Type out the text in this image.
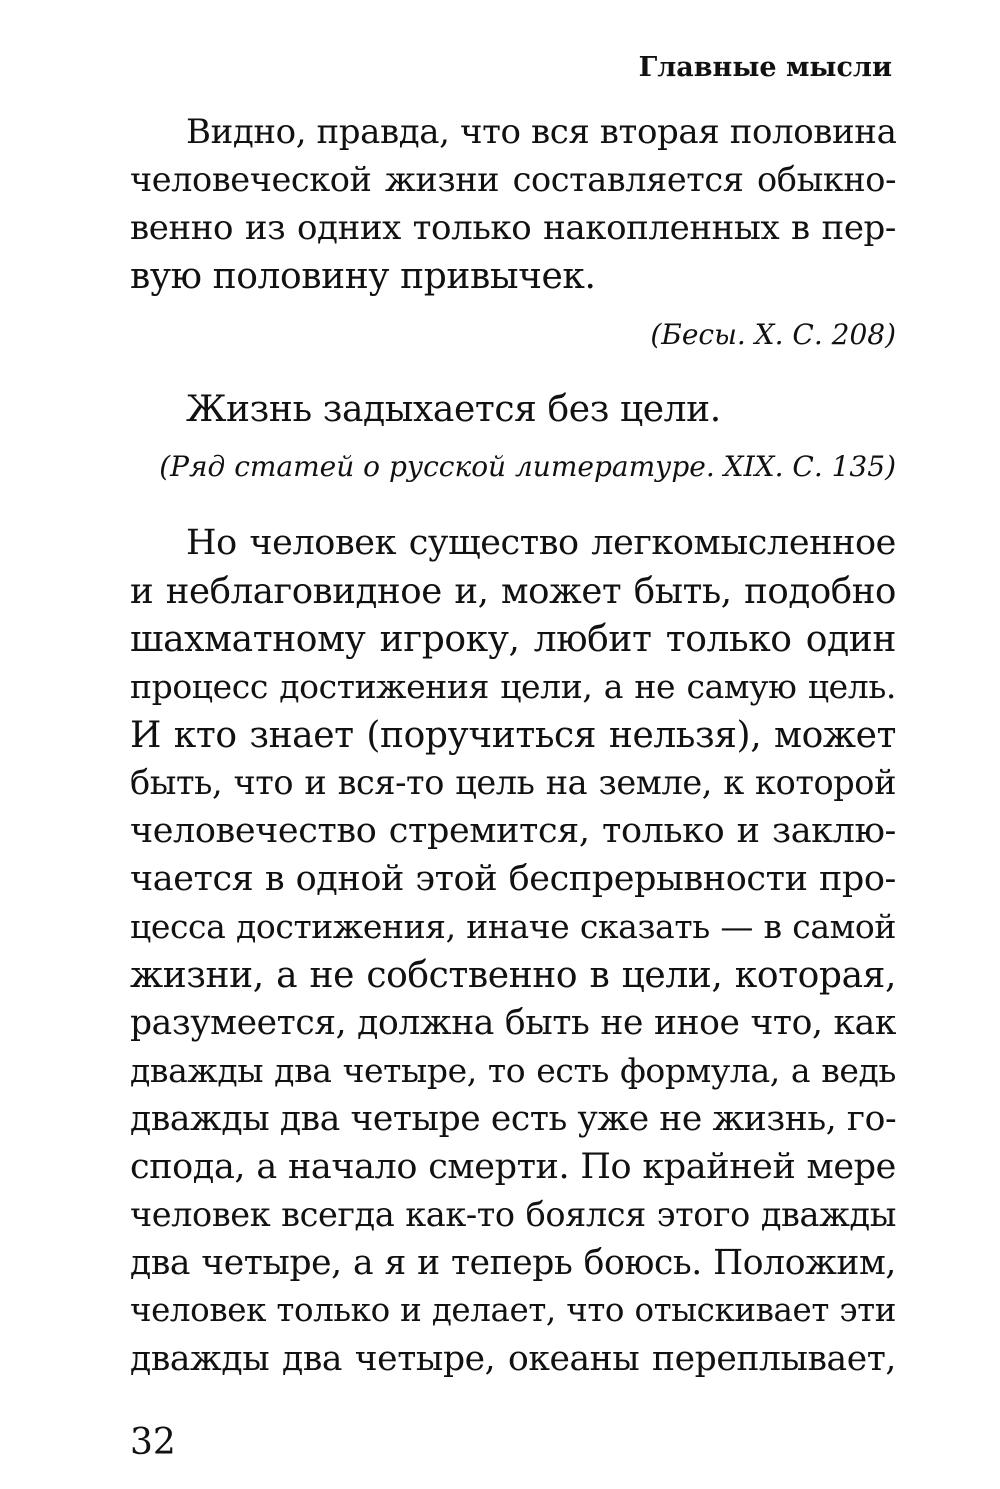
Главные мысли
Видно, правда, что вся вторая половина
человеческой жизни составляется обыкно-
венно из одних только накопленных в пер-
вую половину привычек.
(Бесы. X. С. 208)
Жизнь задыхается без цели.
(Ряд статей о русской литературе. XIX. С. 135)
Но человек существо легкомысленное
и неблаговидное и, может быть, подобно
шахматному игроку, любит только один
процесс достижения цели, а не самую цель.
И кто знает (поручиться нельзя), может
быть, что и вся-то цель на земле, к которой
человечество стремится, только и заклю-
чается в одной этой беспрерывности про-
цесса достижения, иначе сказать — в самой
жизни, а не собственно в цели, которая,
разумеется, должна быть не иное что, как
дважды два четыре, то есть формула, а ведь
дважды два четыре есть уже не жизнь, го-
спода, а начало смерти. По крайней мере
человек всегда как-то боялся этого дважды
два четыре, а я и теперь боюсь. Положим,
человек только и делает, что отыскивает эти
дважды два четыре, океаны переплывает,
32
